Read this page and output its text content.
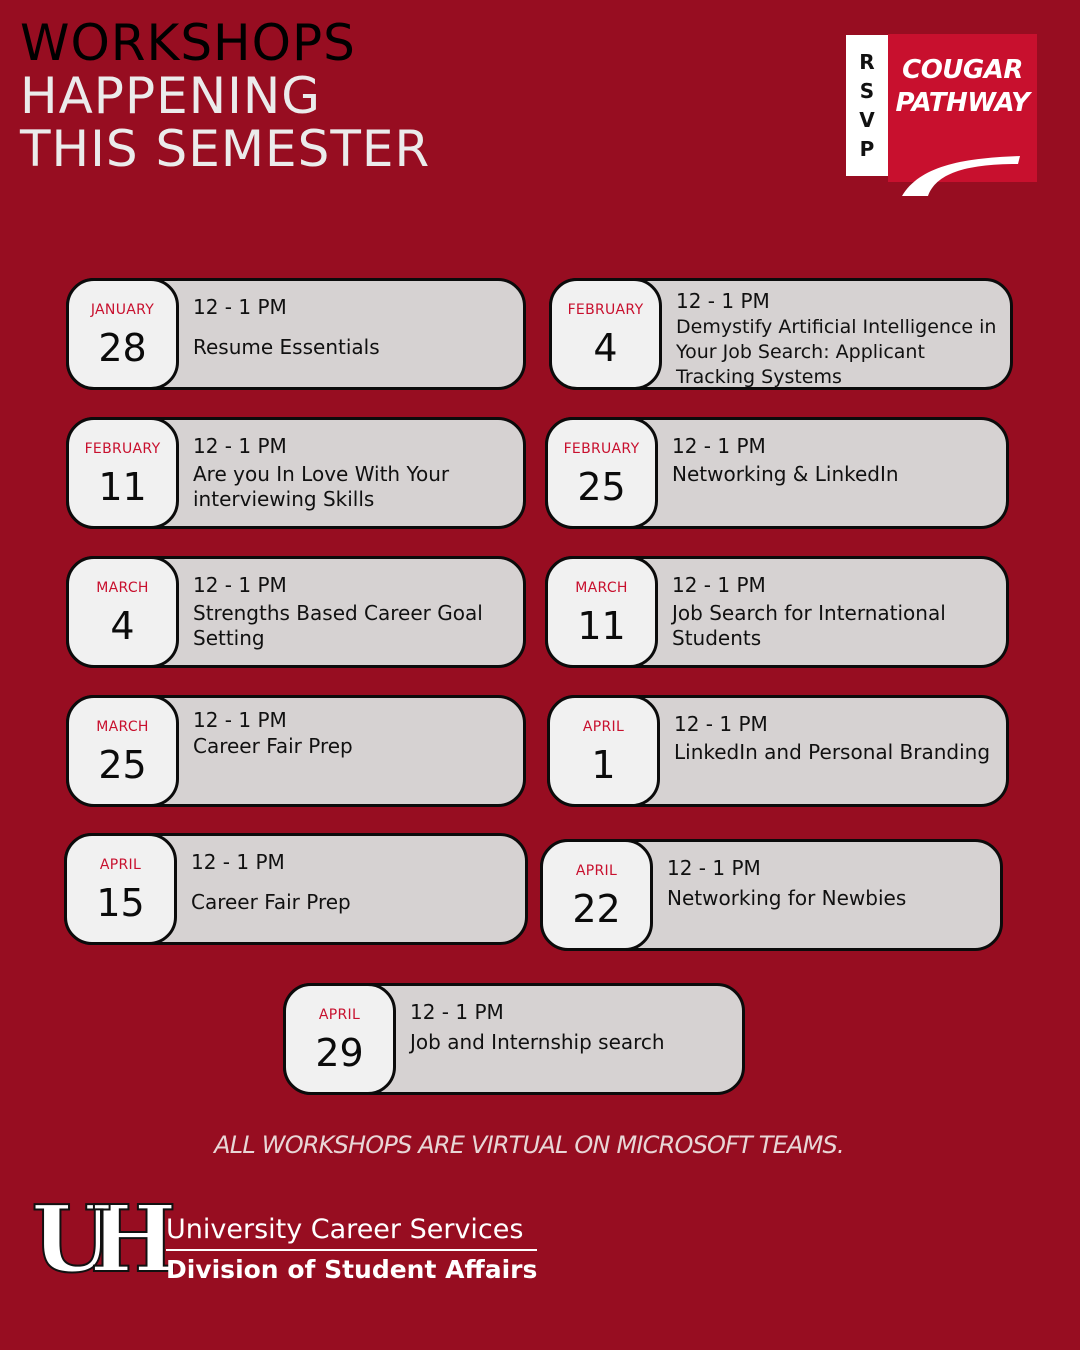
WORKSHOPS
HAPPENING
THIS SEMESTER
R
S
V
P
COUGAR
PATHWAY
JANUARY
28
12 - 1 PM
Resume Essentials
FEBRUARY
4
12 - 1 PM
Demystify Artificial Intelligence in Your Job Search: Applicant Tracking Systems
FEBRUARY
11
12 - 1 PM
Are you In Love With Your interviewing Skills
FEBRUARY
25
12 - 1 PM
Networking & LinkedIn
MARCH
4
12 - 1 PM
Strengths Based Career Goal Setting
MARCH
11
12 - 1 PM
Job Search for International Students
MARCH
25
12 - 1 PM
Career Fair Prep
APRIL
1
12 - 1 PM
LinkedIn and Personal Branding
APRIL
15
12 - 1 PM
Career Fair Prep
APRIL
22
12 - 1 PM
Networking for Newbies
APRIL
29
12 - 1 PM
Job and Internship search
ALL WORKSHOPS ARE VIRTUAL ON MICROSOFT TEAMS.
UH University Career Services
Division of Student Affairs
